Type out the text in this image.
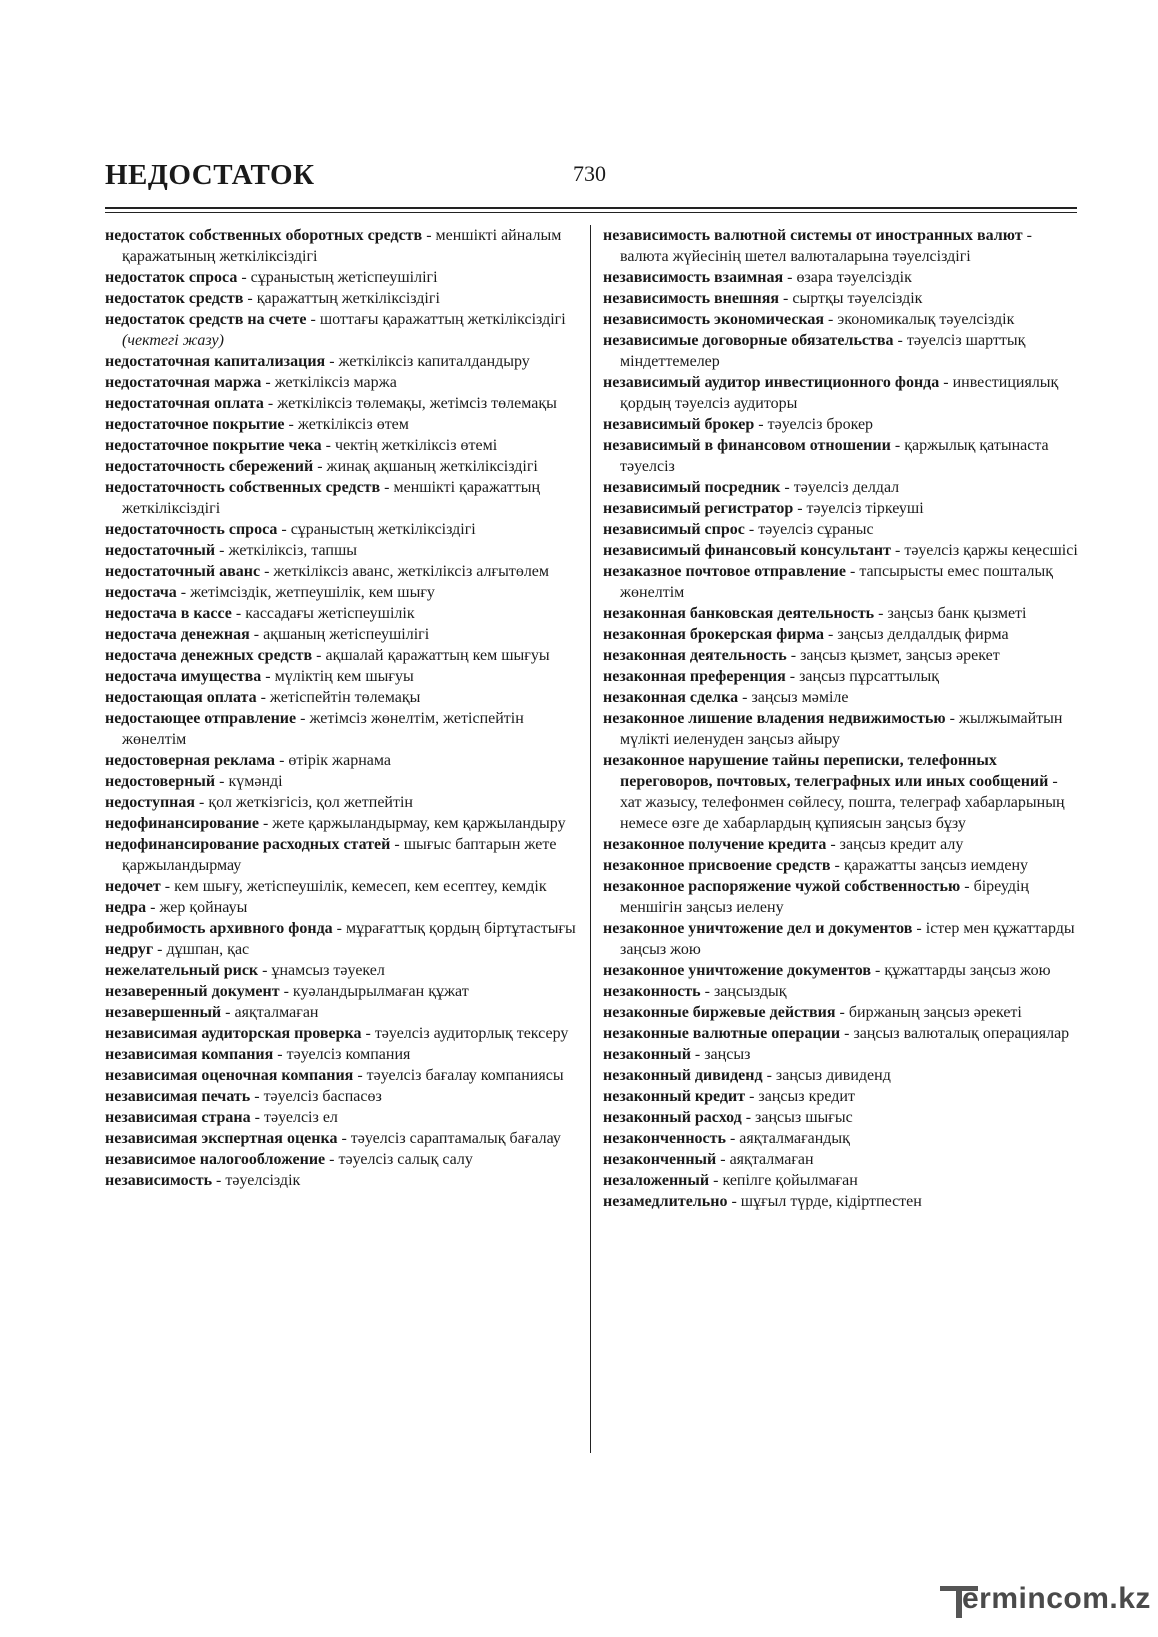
НЕДОСТАТОК	730

недостаток собственных оборотных средств - меншікті айналым қаражатының жеткіліксіздігі

недостаток спроса - сұраныстың жетіспеушілігі

недостаток средств - қаражаттың жеткіліксіздігі

недостаток средств на счете - шоттағы қаражаттың жеткіліксіздігі (чектегі жазу)

недостаточная капитализация - жеткіліксіз капиталдандыру

недостаточная маржа - жеткіліксіз маржа

недостаточная оплата - жеткіліксіз төлемақы, жетімсіз төлемақы

недостаточное покрытие - жеткіліксіз өтем

недостаточное покрытие чека - чектің жеткіліксіз өтемі

недостаточность сбережений - жинақ ақшаның жеткіліксіздігі

недостаточность собственных средств - меншікті қаражаттың жеткіліксіздігі

недостаточность спроса - сұраныстың жеткіліксіздігі

недостаточный - жеткіліксіз, тапшы

недостаточный аванс - жеткіліксіз аванс, жеткіліксіз алғытөлем

недостача - жетімсіздік, жетпеушілік, кем шығу

недостача в кассе - кассадағы жетіспеушілік

недостача денежная - ақшаның жетіспеушілігі

недостача денежных средств - ақшалай қаражаттың кем шығуы

недостача имущества - мүліктің кем шығуы

недостающая оплата - жетіспейтін төлемақы

недостающее отправление - жетімсіз жөнелтім, жетіспейтін жөнелтім

недостоверная реклама - өтірік жарнама

недостоверный - күмәнді

недоступная - қол жеткізгісіз, қол жетпейтін

недофинансирование - жете қаржыландырмау, кем қаржыландыру

недофинансирование расходных статей - шығыс баптарын жете қаржыландырмау

недочет - кем шығу, жетіспеушілік, кемесеп, кем есептеу, кемдік

недра - жер қойнауы

недробимость архивного фонда - мұрағаттық қордың біртұтастығы

недруг - дұшпан, қас

нежелательный риск - ұнамсыз тәуекел

незаверенный документ - куәландырылмаған құжат

незавершенный - аяқталмаған

независимая аудиторская проверка - тәуелсіз аудиторлық тексеру

независимая компания - тәуелсіз компания

независимая оценочная компания - тәуелсіз бағалау компаниясы

независимая печать - тәуелсіз баспасөз

независимая страна - тәуелсіз ел

независимая экспертная оценка - тәуелсіз сараптамалық бағалау

независимое налогообложение - тәуелсіз салық салу

независимость - тәуелсіздік

независимость валютной системы от иностранных валют - валюта жүйесінің шетел валюталарына тәуелсіздігі

независимость взаимная - өзара тәуелсіздік

независимость внешняя - сыртқы тәуелсіздік

независимость экономическая - экономикалық тәуелсіздік

независимые договорные обязательства - тәуелсіз шарттық міндеттемелер

независимый аудитор инвестиционного фонда - инвестициялық қордың тәуелсіз аудиторы

независимый брокер - тәуелсіз брокер

независимый в финансовом отношении - қаржылық қатынаста тәуелсіз

независимый посредник - тәуелсіз делдал

независимый регистратор - тәуелсіз тіркеуші

независимый спрос - тәуелсіз сұраныс

независимый финансовый консультант - тәуелсіз қаржы кеңесшісі

незаказное почтовое отправление - тапсырысты емес пошталық жөнелтім

незаконная банковская деятельность - заңсыз банк қызметі

незаконная брокерская фирма - заңсыз делдалдық фирма

незаконная деятельность - заңсыз қызмет, заңсыз әрекет

незаконная преференция - заңсыз пұрсаттылық

незаконная сделка - заңсыз мәміле

незаконное лишение владения недвижимостью - жылжымайтын мүлікті иеленуден заңсыз айыру

незаконное нарушение тайны переписки, телефонных переговоров, почтовых, телеграфных или иных сообщений - хат жазысу, телефонмен сөйлесу, пошта, телеграф хабарларының немесе өзге де хабарлардың құпиясын заңсыз бұзу

незаконное получение кредита - заңсыз кредит алу

незаконное присвоение средств - қаражатты заңсыз иемдену

незаконное распоряжение чужой собственностью - біреудің меншігін заңсыз иелену

незаконное уничтожение дел и документов - істер мен құжаттарды заңсыз жою

незаконное уничтожение документов - құжаттарды заңсыз жою

незаконность - заңсыздық

незаконные биржевые действия - биржаның заңсыз әрекеті

незаконные валютные операции - заңсыз валюталық операциялар

незаконный - заңсыз

незаконный дивиденд - заңсыз дивиденд

незаконный кредит - заңсыз кредит

незаконный расход - заңсыз шығыс

незаконченность - аяқталмағандық

незаконченный - аяқталмаған

незаложенный - кепілге қойылмаған

незамедлительно - шұғыл түрде, кідіртпестен

ermincom.kz
